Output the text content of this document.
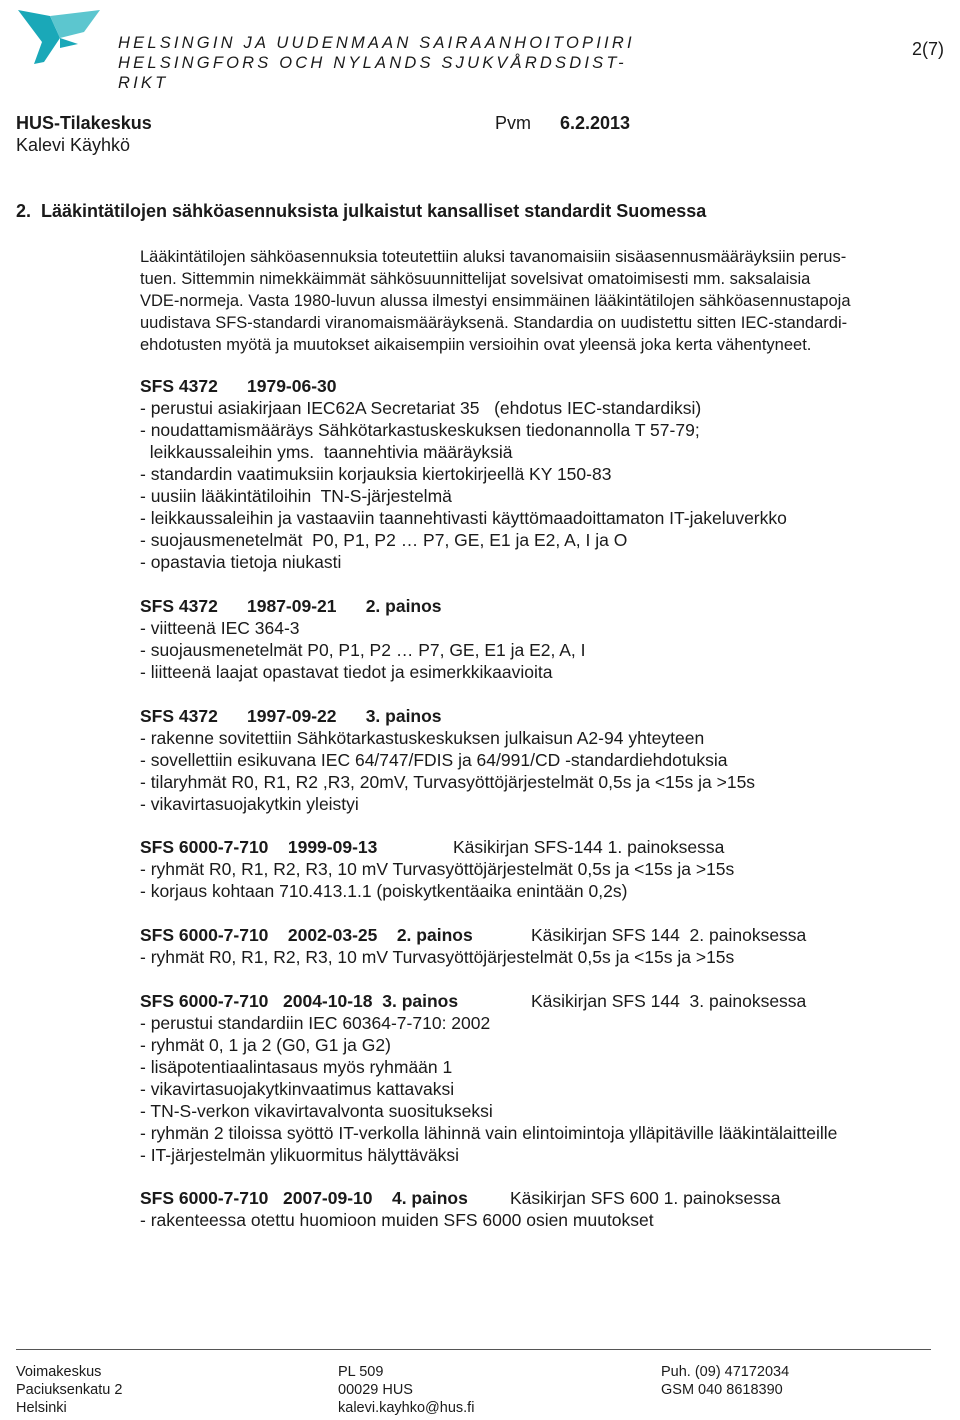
HELSINGIN JA UUDENMAAN SAIRAANHOITOPIIRI
HELSINGFORS OCH NYLANDS SJUKVÅRDSDIST-
RIKT
2(7)
HUS-Tilakeskus
Kalevi Käyhkö
Pvm 6.2.2013
2.  Lääkintätilojen sähköasennuksista julkaistut kansalliset standardit Suomessa

Lääkintätilojen sähköasennuksia toteutettiin aluksi tavanomaisiin sisäasennusmääräyksiin perus-

tuen. Sittemmin nimekkäimmät sähkösuunnittelijat sovelsivat omatoimisesti mm. saksalaisia

VDE-normeja. Vasta 1980-luvun alussa ilmestyi ensimmäinen lääkintätilojen sähköasennustapoja

uudistava SFS-standardi viranomaismääräyksenä. Standardia on uudistettu sitten IEC-standardi-

ehdotusten myötä ja muutokset aikaisempiin versioihin ovat yleensä joka kerta vähentyneet.

SFS 4372      1979-06-30
- perustui asiakirjaan IEC62A Secretariat 35   (ehdotus IEC-standardiksi)
- noudattamismääräys Sähkötarkastuskeskuksen tiedonannolla T 57-79;
leikkaussaleihin yms.  taannehtivia määräyksiä
- standardin vaatimuksiin korjauksia kiertokirjeellä KY 150-83
- uusiin lääkintätiloihin  TN-S-järjestelmä
- leikkaussaleihin ja vastaaviin taannehtivasti käyttömaadoittamaton IT-jakeluverkko
- suojausmenetelmät  P0, P1, P2 … P7, GE, E1 ja E2, A, I ja O
- opastavia tietoja niukasti
SFS 4372      1987-09-21      2. painos
- viitteenä IEC 364-3
- suojausmenetelmät P0, P1, P2 … P7, GE, E1 ja E2, A, I
- liitteenä laajat opastavat tiedot ja esimerkkikaavioita
SFS 4372      1997-09-22      3. painos
- rakenne sovitettiin Sähkötarkastuskeskuksen julkaisun A2-94 yhteyteen
- sovellettiin esikuvana IEC 64/747/FDIS ja 64/991/CD -standardiehdotuksia
- tilaryhmät R0, R1, R2 ,R3, 20mV, Turvasyöttöjärjestelmät 0,5s ja <15s ja >15s
- vikavirtasuojakytkin yleistyi
SFS 6000-7-710    1999-09-13	Käsikirjan SFS-144 1. painoksessa
- ryhmät R0, R1, R2, R3, 10 mV Turvasyöttöjärjestelmät 0,5s ja <15s ja >15s
- korjaus kohtaan 710.413.1.1 (poiskytkentäaika enintään 0,2s)
SFS 6000-7-710    2002-03-25    2. painos	Käsikirjan SFS 144  2. painoksessa
- ryhmät R0, R1, R2, R3, 10 mV Turvasyöttöjärjestelmät 0,5s ja <15s ja >15s
SFS 6000-7-710   2004-10-18  3. painos	Käsikirjan SFS 144  3. painoksessa
- perustui standardiin IEC 60364-7-710: 2002
- ryhmät 0, 1 ja 2 (G0, G1 ja G2)
- lisäpotentiaalintasaus myös ryhmään 1
- vikavirtasuojakytkinvaatimus kattavaksi
- TN-S-verkon vikavirtavalvonta suositukseksi
- ryhmän 2 tiloissa syöttö IT-verkolla lähinnä vain elintoimintoja ylläpitäville lääkintälaitteille
- IT-järjestelmän ylikuormitus hälyttäväksi
SFS 6000-7-710   2007-09-10    4. painos Käsikirjan SFS 600 1. painoksessa
- rakenteessa otettu huomioon muiden SFS 6000 osien muutokset
Voimakeskus
Paciuksenkatu 2
Helsinki
PL 509
00029 HUS
kalevi.kayhko@hus.fi
Puh. (09) 47172034
GSM 040 8618390
